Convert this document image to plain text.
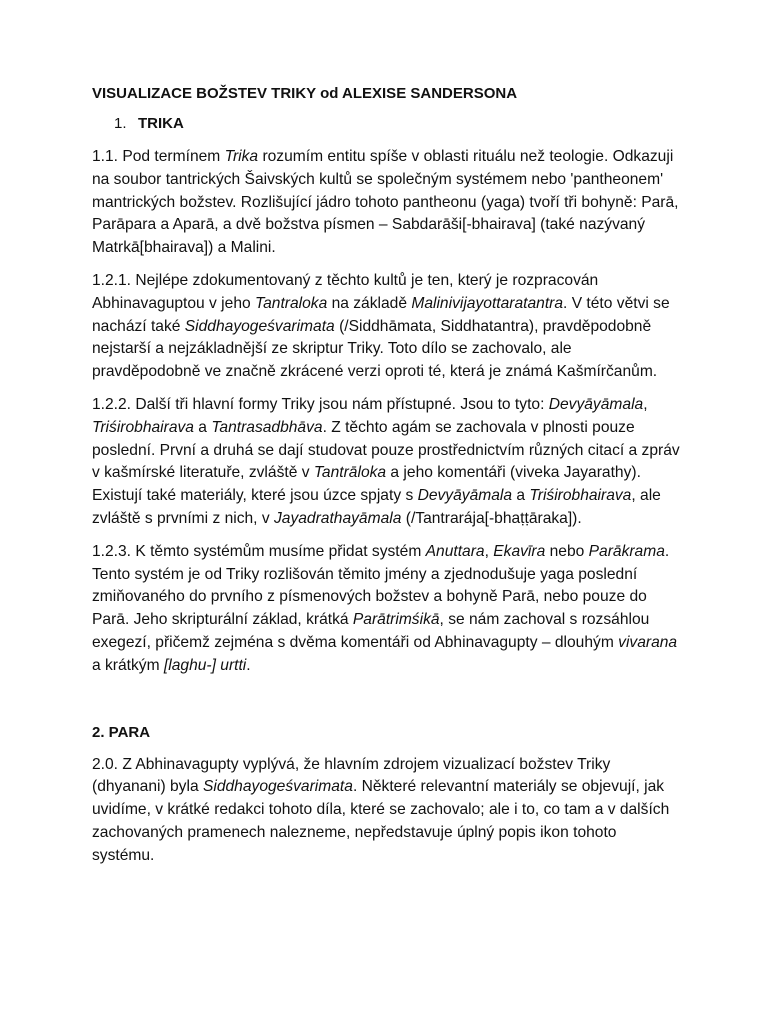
VISUALIZACE BOŽSTEV TRIKY od ALEXISE SANDERSONA
1. TRIKA

1.1. Pod termínem Trika rozumím entitu spíše v oblasti rituálu než teologie. Odkazuji na soubor tantrických Šaivských kultů se společným systémem nebo 'pantheonem' mantrických božstev. Rozlišující jádro tohoto pantheonu (yaga) tvoří tři bohyně: Parā, Parāpara a Aparā, a dvě božstva písmen – Sabdarāši[-bhairava] (také nazývaný Matrkā[bhairava]) a Malini.

1.2.1. Nejlépe zdokumentovaný z těchto kultů je ten, který je rozpracován Abhinavaguptou v jeho Tantraloka na základě Malinivijayottaratantra. V této větvi se nachází také Siddhayogeśvarimata (/Siddhāmata, Siddhatantra), pravděpodobně nejstarší a nejzákladnější ze skriptur Triky. Toto dílo se zachovalo, ale pravděpodobně ve značně zkrácené verzi oproti té, která je známá Kašmírčanům.

1.2.2. Další tři hlavní formy Triky jsou nám přístupné. Jsou to tyto: Devyāyāmala, Triśirobhairava a Tantrasadbhāva. Z těchto agám se zachovala v plnosti pouze poslední. První a druhá se dají studovat pouze prostřednictvím různých citací a zpráv v kašmírské literatuře, zvláště v Tantrāloka a jeho komentáři (viveka Jayarathy). Existují také materiály, které jsou úzce spjaty s Devyāyāmala a Triśirobhairava, ale zvláště s prvními z nich, v Jayadrathayāmala (/Tantrarája[-bhaṭṭāraka]).

1.2.3. K těmto systémům musíme přidat systém Anuttara, Ekavīra nebo Parākrama. Tento systém je od Triky rozlišován těmito jmény a zjednodušuje yaga poslední zmiňovaného do prvního z písmenových božstev a bohyně Parā, nebo pouze do Parā. Jeho skripturální základ, krátká Parātrimśikā, se nám zachoval s rozsáhlou exegezí, přičemž zejména s dvěma komentáři od Abhinavagupty – dlouhým vivarana a krátkým [laghu-] urtti.

2. PARA

2.0. Z Abhinavagupty vyplývá, že hlavním zdrojem vizualizací božstev Triky (dhyanani) byla Siddhayogeśvarimata. Některé relevantní materiály se objevují, jak uvidíme, v krátké redakci tohoto díla, které se zachovalo; ale i to, co tam a v dalších zachovaných pramenech nalezneme, nepředstavuje úplný popis ikon tohoto systému.
